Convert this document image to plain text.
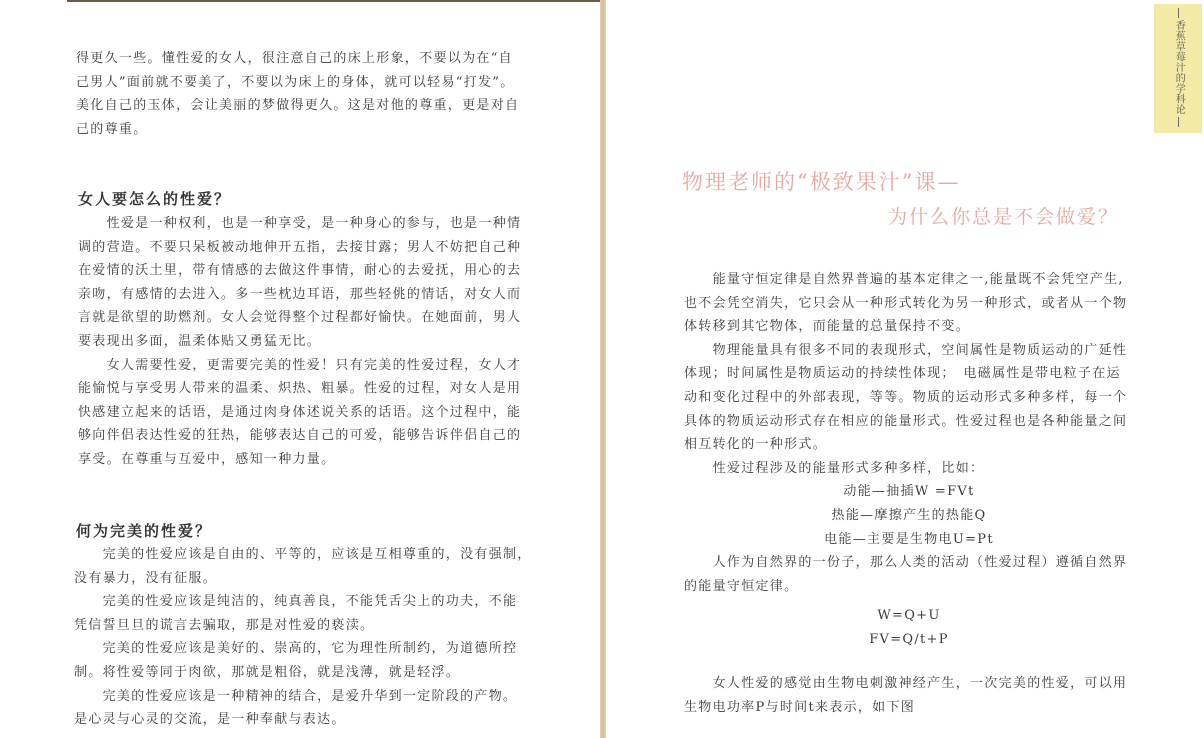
得更久一些。懂性爱的女人，很注意自己的床上形象，不要以为在“自

己男人”面前就不要美了，不要以为床上的身体，就可以轻易“打发”。

美化自己的玉体，会让美丽的梦做得更久。这是对他的尊重，更是对自

己的尊重。

女人要怎么的性爱？

　　性爱是一种权利，也是一种享受，是一种身心的参与，也是一种情

调的营造。不要只呆板被动地伸开五指，去接甘露；男人不妨把自己种

在爱情的沃土里，带有情感的去做这件事情，耐心的去爱抚，用心的去

亲吻，有感情的去进入。多一些枕边耳语，那些轻佻的情话，对女人而

言就是欲望的助燃剂。女人会觉得整个过程都好愉快。在她面前，男人

要表现出多面，温柔体贴又勇猛无比。

　　女人需要性爱，更需要完美的性爱！只有完美的性爱过程，女人才

能愉悦与享受男人带来的温柔、炽热、粗暴。性爱的过程，对女人是用

快感建立起来的话语，是通过肉身体述说关系的话语。这个过程中，能

够向伴侣表达性爱的狂热，能够表达自己的可爱，能够告诉伴侣自己的

享受。在尊重与互爱中，感知一种力量。

何为完美的性爱？

　　完美的性爱应该是自由的、平等的，应该是互相尊重的，没有强制，

没有暴力，没有征服。

　　完美的性爱应该是纯洁的，纯真善良，不能凭舌尖上的功夫，不能

凭信誓旦旦的谎言去骗取，那是对性爱的亵渎。

　　完美的性爱应该是美好的、崇高的，它为理性所制约，为道德所控

制。将性爱等同于肉欲，那就是粗俗，就是浅薄，就是轻浮。

　　完美的性爱应该是一种精神的结合，是爱升华到一定阶段的产物。

是心灵与心灵的交流，是一种奉献与表达。

香蕉草莓汁的学科论
物理老师的“极致果汁”课—
为什么你总是不会做爱？

　　能量守恒定律是自然界普遍的基本定律之一,能量既不会凭空产生,

也不会凭空消失，它只会从一种形式转化为另一种形式，或者从一个物

体转移到其它物体，而能量的总量保持不变。

　　物理能量具有很多不同的表现形式，空间属性是物质运动的广延性

体现；时间属性是物质运动的持续性体现；　电磁属性是带电粒子在运

动和变化过程中的外部表现，等等。物质的运动形式多种多样，每一个

具体的物质运动形式存在相应的能量形式。性爱过程也是各种能量之间

相互转化的一种形式。

　　性爱过程涉及的能量形式多种多样，比如：

动能—抽插W =FVt

热能—摩擦产生的热能Q

电能—主要是生物电U=Pt

　　人作为自然界的一份子，那么人类的活动（性爱过程）遵循自然界

的能量守恒定律。

W=Q+U

FV=Q/t+P

　　女人性爱的感觉由生物电刺激神经产生，一次完美的性爱，可以用

生物电功率P与时间t来表示，如下图
